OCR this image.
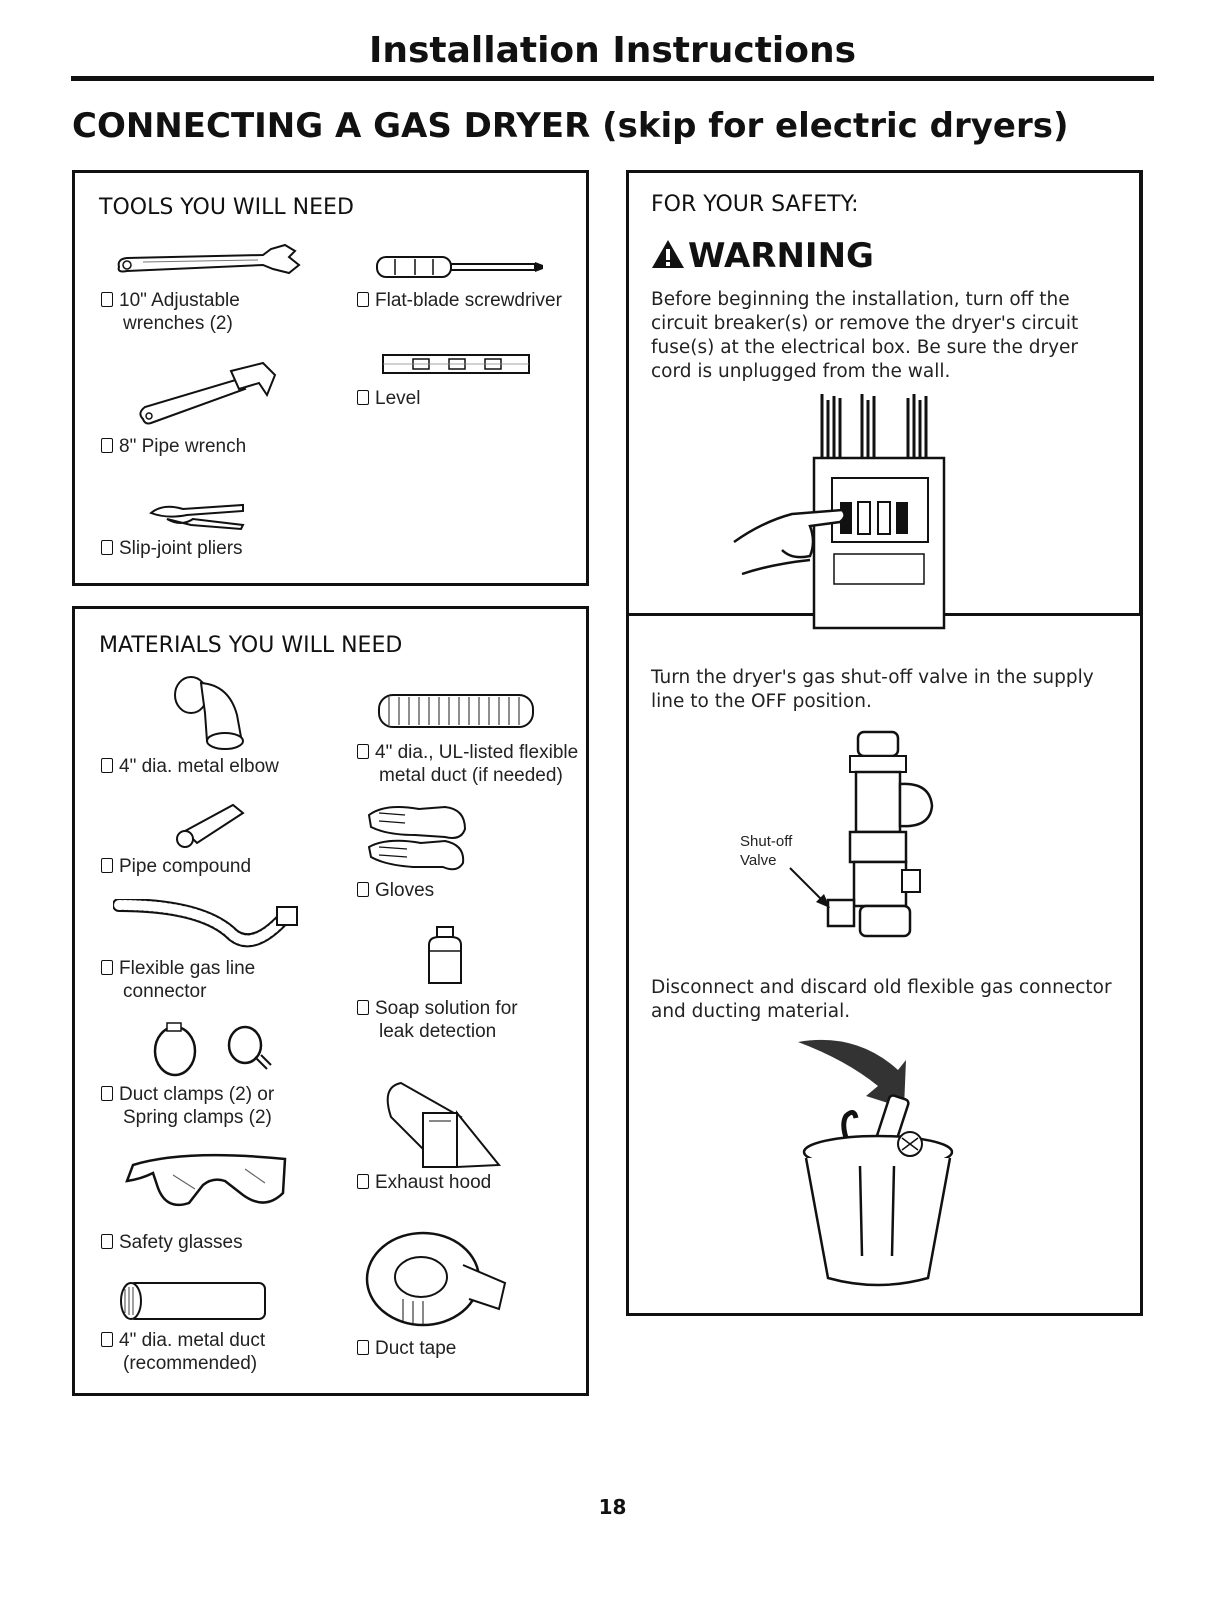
Installation Instructions
CONNECTING A GAS DRYER (skip for electric dryers)
TOOLS YOU WILL NEED
10" Adjustable
wrenches (2)
Flat-blade screwdriver
Level
8" Pipe wrench
Slip-joint pliers
MATERIALS YOU WILL NEED
4" dia. metal elbow
4" dia., UL-listed flexible
metal duct (if needed)
Pipe compound
Gloves
Flexible gas line
connector
Soap solution for
leak detection
Duct clamps (2) or
Spring clamps (2)
Exhaust hood
Safety glasses
Duct tape
4" dia. metal duct
(recommended)
FOR YOUR SAFETY:
WARNING
Before beginning the installation, turn off the circuit breaker(s) or remove the dryer's circuit fuse(s) at the electrical box. Be sure the dryer cord is unplugged from the wall.
Turn the dryer's gas shut-off valve in the supply line to the OFF position.
Shut-off
Valve
Disconnect and discard old flexible gas connector and ducting material.
18
